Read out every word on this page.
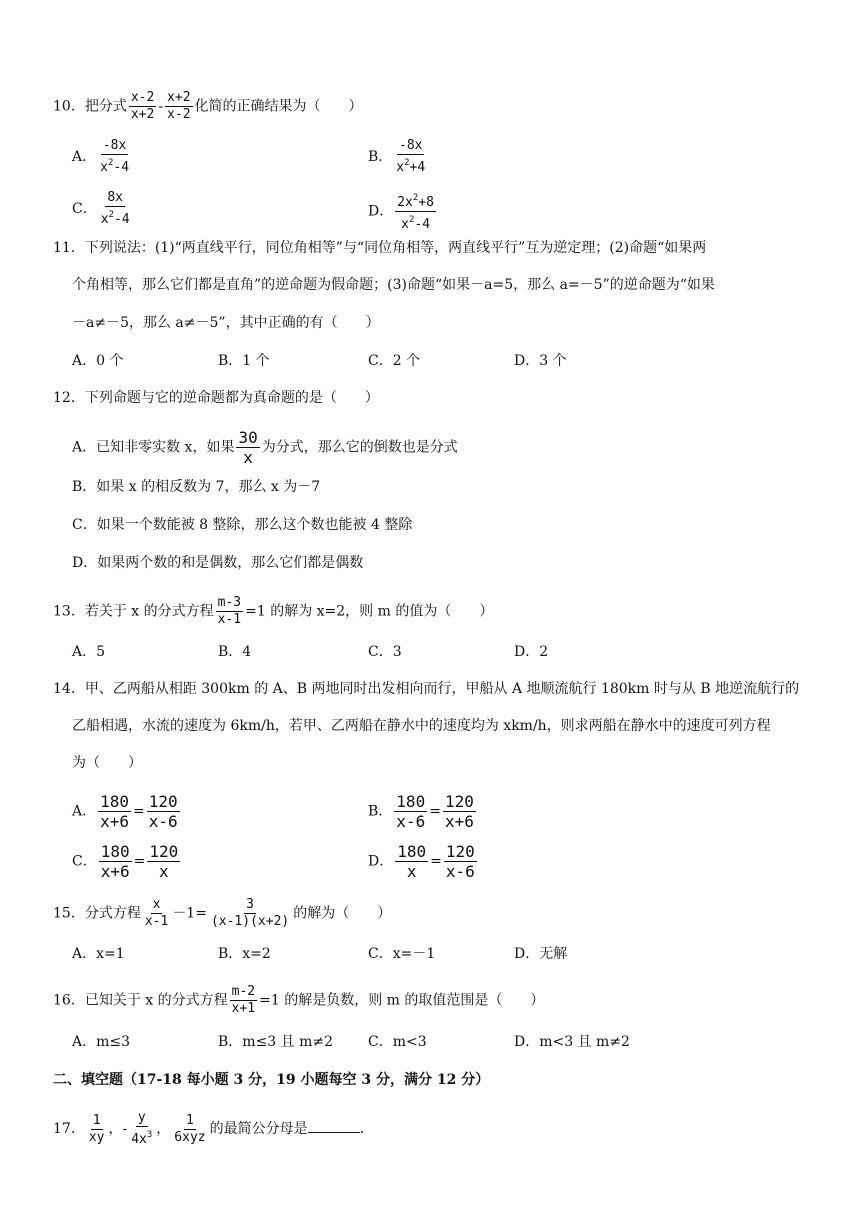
10．把分式 $\frac{x-2}{x+2} - \frac{x+2}{x-2}$ 化简的正确结果为（　　）
A． $\frac{-8x}{x^2-4}$	B． $\frac{-8x}{x^2+4}$
C． $\frac{8x}{x^2-4}$	D． $\frac{2x^2+8}{x^2-4}$
11．下列说法：(1)“两直线平行，同位角相等”与“同位角相等，两直线平行”互为逆定理；(2)命题“如果两
个角相等，那么它们都是直角”的逆命题为假命题；(3)命题“如果－a=5，那么 a=－5”的逆命题为“如果
－a≠－5，那么 a≠－5”，其中正确的有（　　）
A．0 个	B．1 个	C．2 个	D．3 个
12．下列命题与它的逆命题都为真命题的是（　　）
A．已知非零实数 x，如果 $\frac{30}{x}$ 为分式，那么它的倒数也是分式
B．如果 x 的相反数为 7，那么 x 为－7
C．如果一个数能被 8 整除，那么这个数也能被 4 整除
D．如果两个数的和是偶数，那么它们都是偶数
13．若关于 x 的分式方程 $\frac{m-3}{x-1} =1$ 的解为 x=2，则 m 的值为（　　）
A．5	B．4	C．3	D．2
14．甲、乙两船从相距 300km 的 A、B 两地同时出发相向而行，甲船从 A 地顺流航行 180km 时与从 B 地逆流航行的
乙船相遇，水流的速度为 6km/h，若甲、乙两船在静水中的速度均为 xkm/h，则求两船在静水中的速度可列方程
为（　　）
A． $\frac{180}{x+6} = \frac{120}{x-6}$	B． $\frac{180}{x-6} = \frac{120}{x+6}$
C． $\frac{180}{x+6} = \frac{120}{x}$	D． $\frac{180}{x} = \frac{120}{x-6}$
15．分式方程 $\frac{x}{x-1} -1= \frac{3}{(x-1)(x+2)}$ 的解为（　　）
A．x=1	B．x=2	C．x=－1	D．无解
16．已知关于 x 的分式方程 $\frac{m-2}{x+1} =1$ 的解是负数，则 m 的取值范围是（　　）
A．m≤3	B．m≤3 且 m≠2 C．m<3	D．m<3 且 m≠2
二、填空题（17-18 每小题 3 分，19 小题每空 3 分，满分 12 分）
17． $\frac{1}{xy}$ ，- $\frac{y}{4x^3}$ ， $\frac{1}{\text{6xyz}}$ 的最简公分母是	.
